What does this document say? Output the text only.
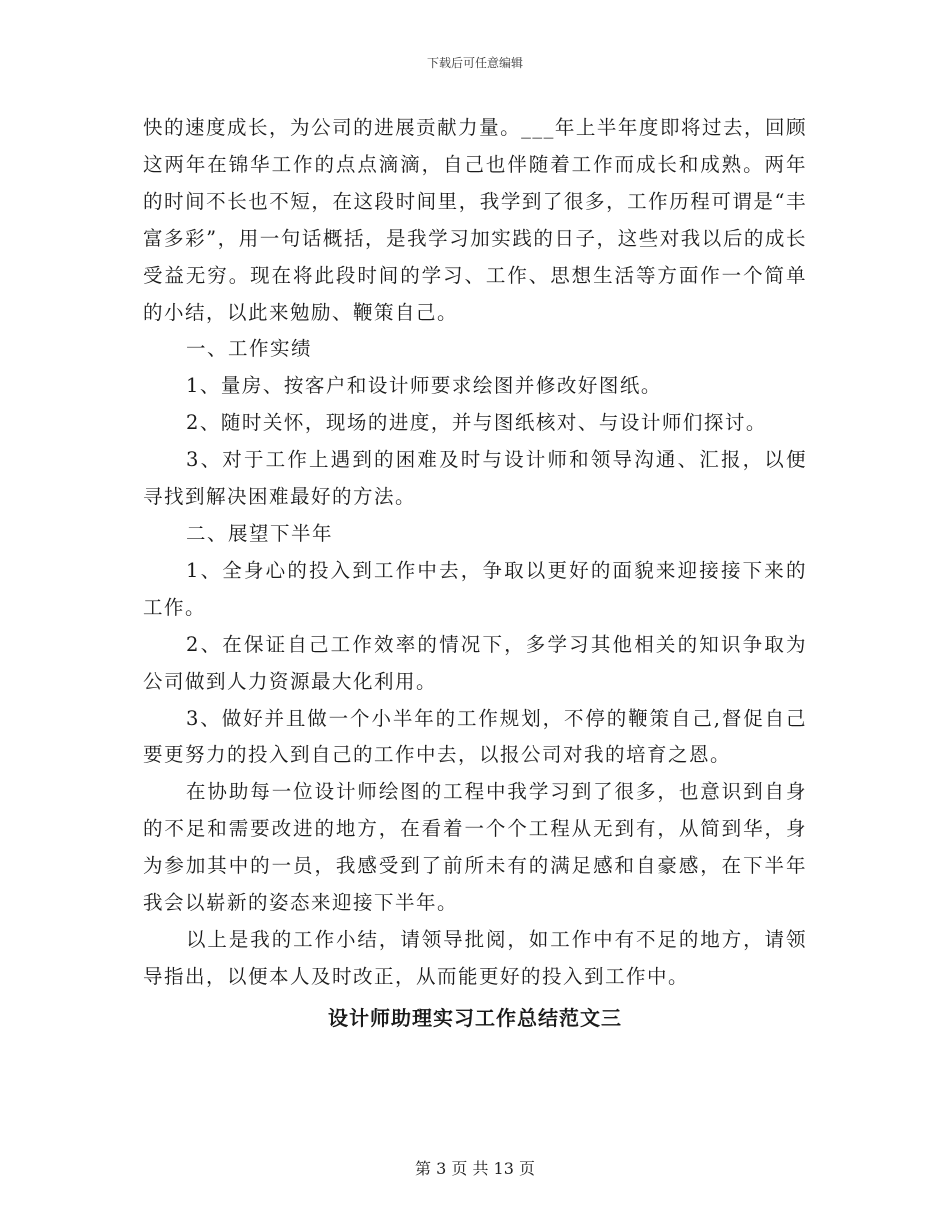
下载后可任意编辑

快的速度成长，为公司的进展贡献力量。___年上半年度即将过去，回顾这两年在锦华工作的点点滴滴，自己也伴随着工作而成长和成熟。两年的时间不长也不短，在这段时间里，我学到了很多，工作历程可谓是“丰富多彩”，用一句话概括，是我学习加实践的日子，这些对我以后的成长受益无穷。现在将此段时间的学习、工作、思想生活等方面作一个简单的小结，以此来勉励、鞭策自己。

一、工作实绩

1、量房、按客户和设计师要求绘图并修改好图纸。

2、随时关怀，现场的进度，并与图纸核对、与设计师们探讨。

3、对于工作上遇到的困难及时与设计师和领导沟通、汇报，以便寻找到解决困难最好的方法。

二、展望下半年

1、全身心的投入到工作中去，争取以更好的面貌来迎接接下来的工作。

2、在保证自己工作效率的情况下，多学习其他相关的知识争取为公司做到人力资源最大化利用。

3、做好并且做一个小半年的工作规划，不停的鞭策自己,督促自己要更努力的投入到自己的工作中去，以报公司对我的培育之恩。

在协助每一位设计师绘图的工程中我学习到了很多，也意识到自身的不足和需要改进的地方，在看着一个个工程从无到有，从简到华，身为参加其中的一员，我感受到了前所未有的满足感和自豪感，在下半年我会以崭新的姿态来迎接下半年。

以上是我的工作小结，请领导批阅，如工作中有不足的地方，请领导指出，以便本人及时改正，从而能更好的投入到工作中。

设计师助理实习工作总结范文三
第 3 页 共 13 页
